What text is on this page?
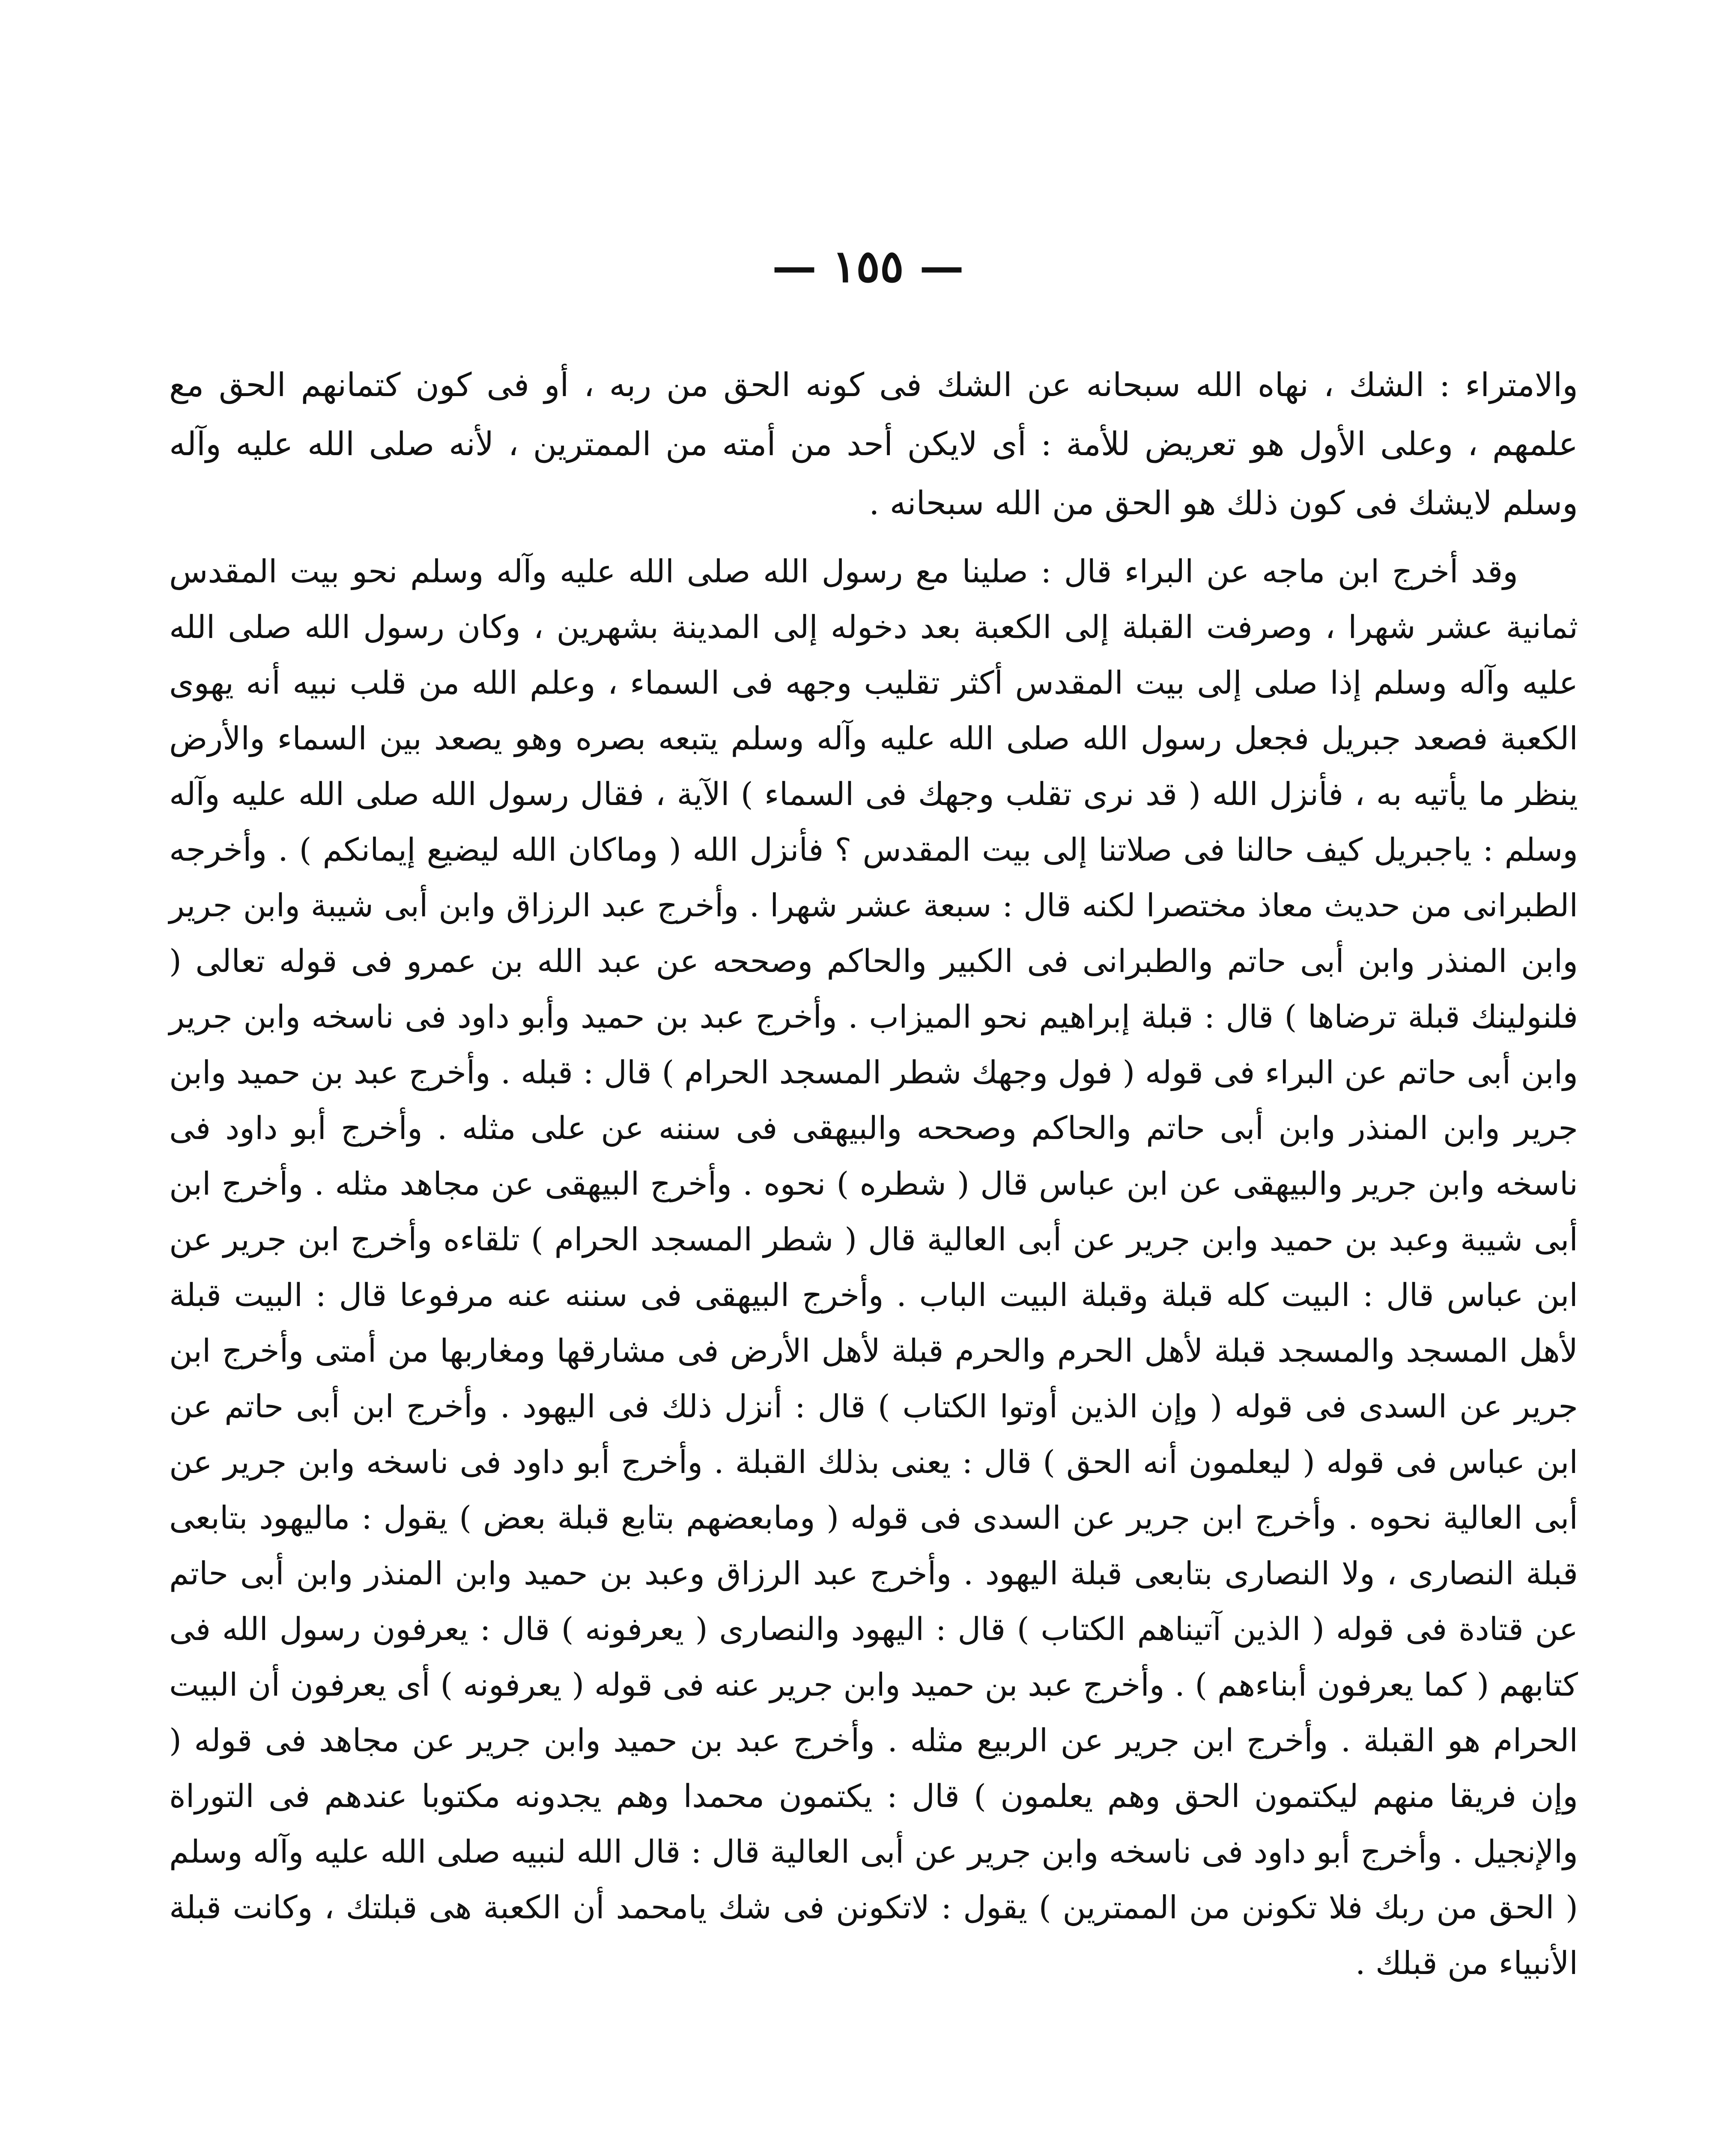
— ١٥٥ —

والامتراء : الشك ، نهاه الله سبحانه عن الشك فى كونه الحق من ربه ، أو فى كون كتمانهم الحق مع علمهم ، وعلى الأول هو تعريض للأمة : أى لايكن أحد من أمته من الممترين ، لأنه صلى الله عليه وآله وسلم لايشك فى كون ذلك هو الحق من الله سبحانه .

وقد أخرج ابن ماجه عن البراء قال : صلينا مع رسول الله صلى الله عليه وآله وسلم نحو بيت المقدس ثمانية عشر شهرا ، وصرفت القبلة إلى الكعبة بعد دخوله إلى المدينة بشهرين ، وكان رسول الله صلى الله عليه وآله وسلم إذا صلى إلى بيت المقدس أكثر تقليب وجهه فى السماء ، وعلم الله من قلب نبيه أنه يهوى الكعبة فصعد جبريل فجعل رسول الله صلى الله عليه وآله وسلم يتبعه بصره وهو يصعد بين السماء والأرض ينظر ما يأتيه به ، فأنزل الله ( قد نرى تقلب وجهك فى السماء ) الآية ، فقال رسول الله صلى الله عليه وآله وسلم : ياجبريل كيف حالنا فى صلاتنا إلى بيت المقدس ؟ فأنزل الله ( وماكان الله ليضيع إيمانكم ) . وأخرجه الطبرانى من حديث معاذ مختصرا لكنه قال : سبعة عشر شهرا . وأخرج عبد الرزاق وابن أبى شيبة وابن جرير وابن المنذر وابن أبى حاتم والطبرانى فى الكبير والحاكم وصححه عن عبد الله بن عمرو فى قوله تعالى ( فلنولينك قبلة ترضاها ) قال : قبلة إبراهيم نحو الميزاب . وأخرج عبد بن حميد وأبو داود فى ناسخه وابن جرير وابن أبى حاتم عن البراء فى قوله ( فول وجهك شطر المسجد الحرام ) قال : قبله . وأخرج عبد بن حميد وابن جرير وابن المنذر وابن أبى حاتم والحاكم وصححه والبيهقى فى سننه عن على مثله . وأخرج أبو داود فى ناسخه وابن جرير والبيهقى عن ابن عباس قال ( شطره ) نحوه . وأخرج البيهقى عن مجاهد مثله . وأخرج ابن أبى شيبة وعبد بن حميد وابن جرير عن أبى العالية قال ( شطر المسجد الحرام ) تلقاءه وأخرج ابن جرير عن ابن عباس قال : البيت كله قبلة وقبلة البيت الباب . وأخرج البيهقى فى سننه عنه مرفوعا قال : البيت قبلة لأهل المسجد والمسجد قبلة لأهل الحرم والحرم قبلة لأهل الأرض فى مشارقها ومغاربها من أمتى وأخرج ابن جرير عن السدى فى قوله ( وإن الذين أوتوا الكتاب ) قال : أنزل ذلك فى اليهود . وأخرج ابن أبى حاتم عن ابن عباس فى قوله ( ليعلمون أنه الحق ) قال : يعنى بذلك القبلة . وأخرج أبو داود فى ناسخه وابن جرير عن أبى العالية نحوه . وأخرج ابن جرير عن السدى فى قوله ( ومابعضهم بتابع قبلة بعض ) يقول : ماليهود بتابعى قبلة النصارى ، ولا النصارى بتابعى قبلة اليهود . وأخرج عبد الرزاق وعبد بن حميد وابن المنذر وابن أبى حاتم عن قتادة فى قوله ( الذين آتيناهم الكتاب ) قال : اليهود والنصارى ( يعرفونه ) قال : يعرفون رسول الله فى كتابهم ( كما يعرفون أبناءهم ) . وأخرج عبد بن حميد وابن جرير عنه فى قوله ( يعرفونه ) أى يعرفون أن البيت الحرام هو القبلة . وأخرج ابن جرير عن الربيع مثله . وأخرج عبد بن حميد وابن جرير عن مجاهد فى قوله ( وإن فريقا منهم ليكتمون الحق وهم يعلمون ) قال : يكتمون محمدا وهم يجدونه مكتوبا عندهم فى التوراة والإنجيل . وأخرج أبو داود فى ناسخه وابن جرير عن أبى العالية قال : قال الله لنبيه صلى الله عليه وآله وسلم ( الحق من ربك فلا تكونن من الممترين ) يقول : لاتكونن فى شك يامحمد أن الكعبة هى قبلتك ، وكانت قبلة الأنبياء من قبلك .
